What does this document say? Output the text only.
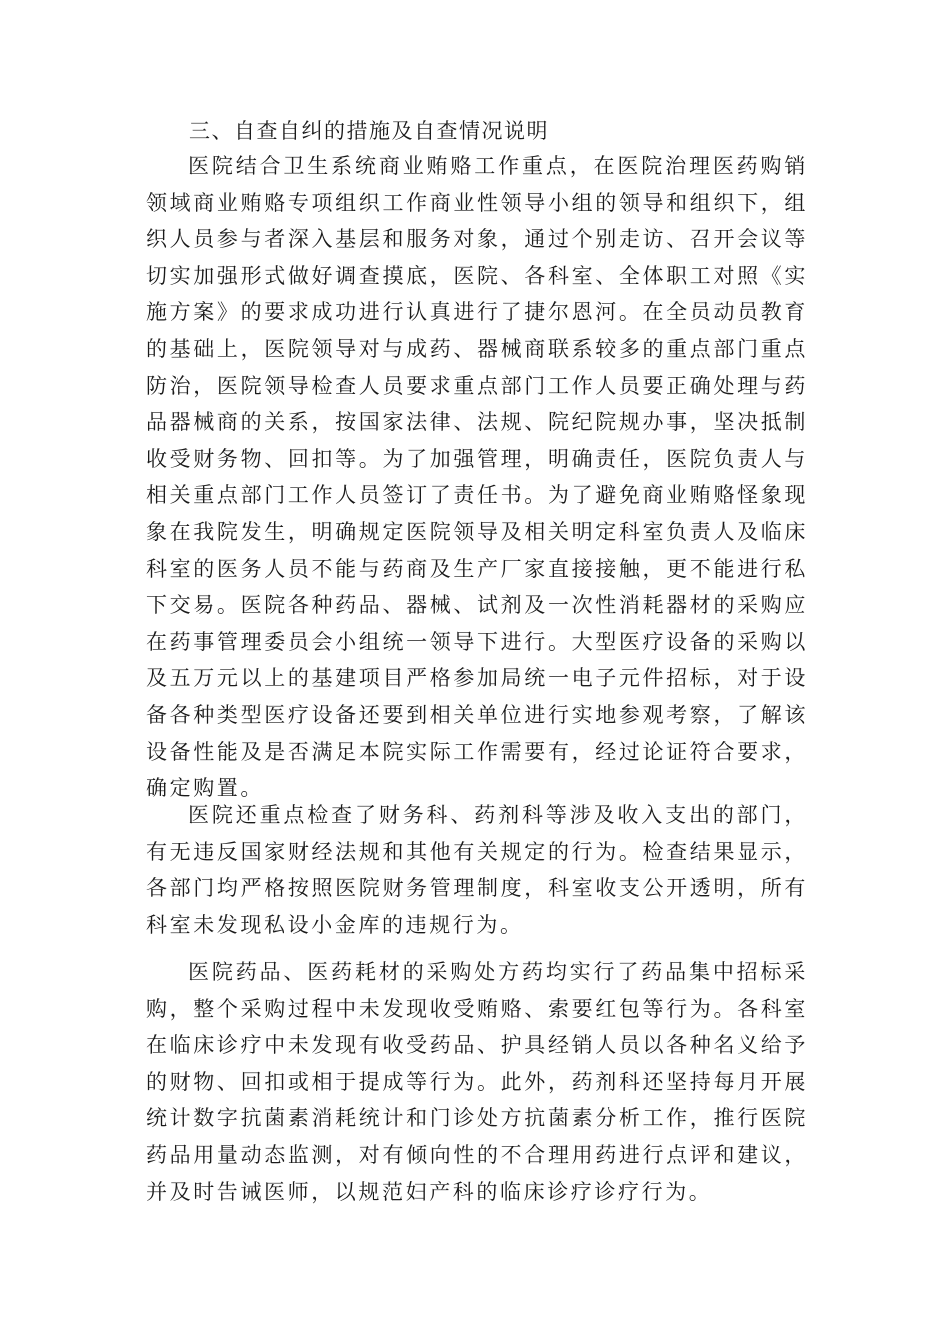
三、自查自纠的措施及自查情况说明

医院结合卫生系统商业贿赂工作重点，在医院治理医药购销领域商业贿赂专项组织工作商业性领导小组的领导和组织下，组织人员参与者深入基层和服务对象，通过个别走访、召开会议等切实加强形式做好调查摸底，医院、各科室、全体职工对照《实施方案》的要求成功进行认真进行了捷尔恩河。在全员动员教育的基础上，医院领导对与成药、器械商联系较多的重点部门重点防治，医院领导检查人员要求重点部门工作人员要正确处理与药品器械商的关系，按国家法律、法规、院纪院规办事，坚决抵制收受财务物、回扣等。为了加强管理，明确责任，医院负责人与相关重点部门工作人员签订了责任书。为了避免商业贿赂怪象现象在我院发生，明确规定医院领导及相关明定科室负责人及临床科室的医务人员不能与药商及生产厂家直接接触，更不能进行私下交易。医院各种药品、器械、试剂及一次性消耗器材的采购应在药事管理委员会小组统一领导下进行。大型医疗设备的采购以及五万元以上的基建项目严格参加局统一电子元件招标，对于设备各种类型医疗设备还要到相关单位进行实地参观考察，了解该设备性能及是否满足本院实际工作需要有，经过论证符合要求，确定购置。

医院还重点检查了财务科、药剂科等涉及收入支出的部门，有无违反国家财经法规和其他有关规定的行为。检查结果显示，各部门均严格按照医院财务管理制度，科室收支公开透明，所有科室未发现私设小金库的违规行为。

医院药品、医药耗材的采购处方药均实行了药品集中招标采购，整个采购过程中未发现收受贿赂、索要红包等行为。各科室在临床诊疗中未发现有收受药品、护具经销人员以各种名义给予的财物、回扣或相于提成等行为。此外，药剂科还坚持每月开展统计数字抗菌素消耗统计和门诊处方抗菌素分析工作，推行医院药品用量动态监测，对有倾向性的不合理用药进行点评和建议，并及时告诫医师，以规范妇产科的临床诊疗诊疗行为。
